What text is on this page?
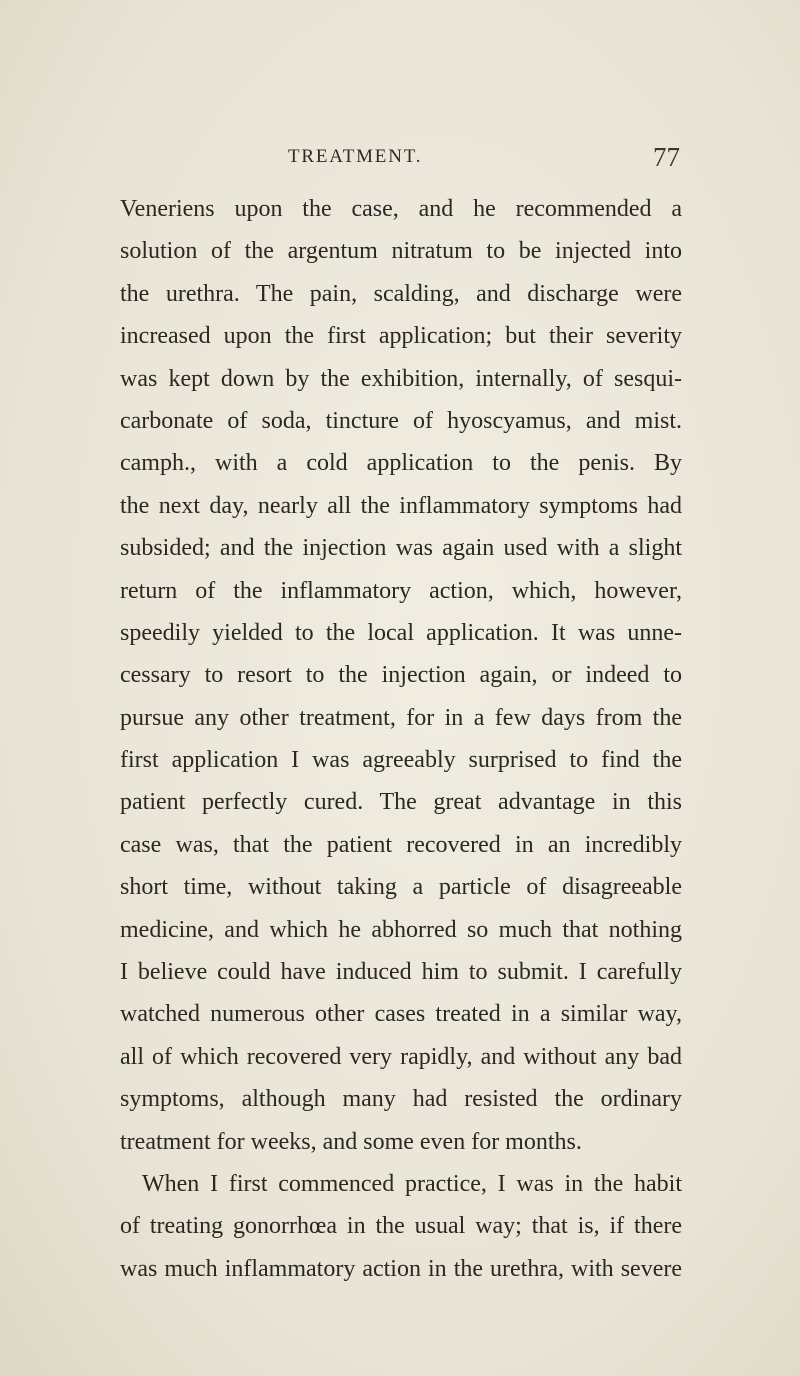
TREATMENT.	77
Veneriens upon the case, and he recommended a
solution of the argentum nitratum to be injected into
the urethra. The pain, scalding, and discharge were
increased upon the first application; but their severity
was kept down by the exhibition, internally, of sesqui-
carbonate of soda, tincture of hyoscyamus, and mist.
camph., with a cold application to the penis. By
the next day, nearly all the inflammatory symptoms had
subsided; and the injection was again used with a slight
return of the inflammatory action, which, however,
speedily yielded to the local application. It was unne-
cessary to resort to the injection again, or indeed to
pursue any other treatment, for in a few days from the
first application I was agreeably surprised to find the
patient perfectly cured. The great advantage in this
case was, that the patient recovered in an incredibly
short time, without taking a particle of disagreeable
medicine, and which he abhorred so much that nothing
I believe could have induced him to submit. I carefully
watched numerous other cases treated in a similar way,
all of which recovered very rapidly, and without any bad
symptoms, although many had resisted the ordinary
treatment for weeks, and some even for months.
When I first commenced practice, I was in the habit
of treating gonorrhœa in the usual way; that is, if there
was much inflammatory action in the urethra, with severe
